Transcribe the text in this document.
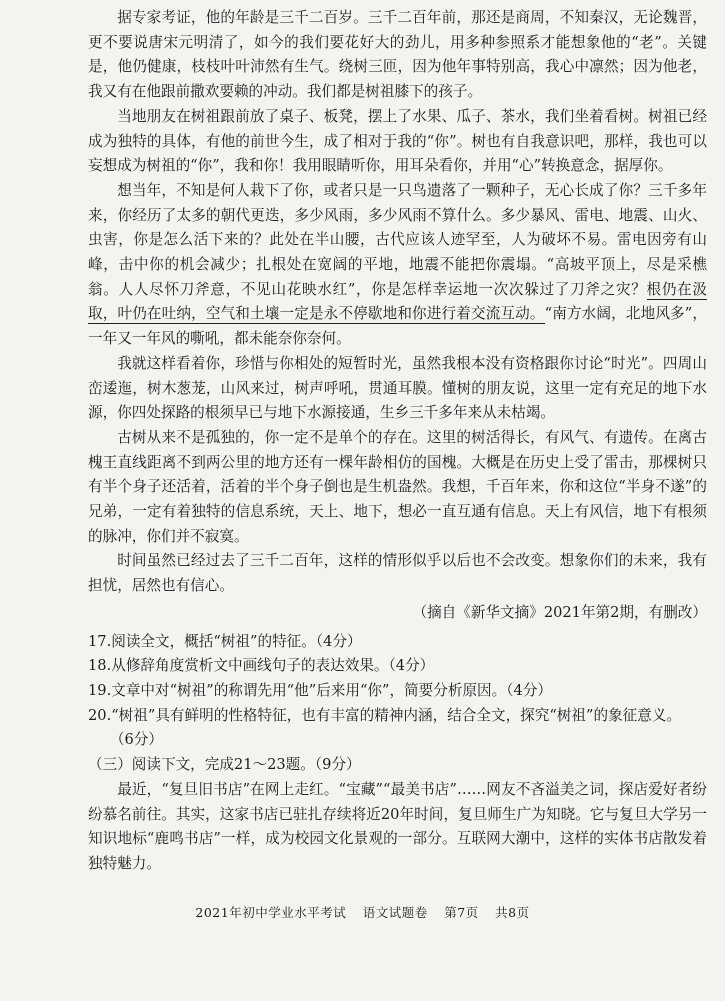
据专家考证，他的年龄是三千二百岁。三千二百年前，那还是商周，不知秦汉，无论魏晋，更不要说唐宋元明清了，如今的我们要花好大的劲儿，用多种参照系才能想象他的“老”。关键是，他仍健康，枝枝叶叶沛然有生气。绕树三匝，因为他年事特别高，我心中凛然；因为他老，我又有在他跟前撒欢要赖的冲动。我们都是树祖膝下的孩子。

当地朋友在树祖跟前放了桌子、板凳，摆上了水果、瓜子、茶水，我们坐着看树。树祖已经成为独特的具体，有他的前世今生，成了相对于我的“你”。树也有自我意识吧，那样，我也可以妄想成为树祖的“你”，我和你！我用眼睛听你，用耳朵看你，并用“心”转换意念，据厚你。

想当年，不知是何人栽下了你，或者只是一只鸟遗落了一颗种子，无心长成了你？三千多年来，你经历了太多的朝代更迭，多少风雨，多少风雨不算什么。多少暴风、雷电、地震、山火、虫害，你是怎么活下来的？此处在半山腰，古代应该人迹罕至，人为破坏不易。雷电因旁有山峰，击中你的机会减少；扎根处在宽阔的平地，地震不能把你震塌。“高坡平顶上，尽是采樵翁。人人尽怀刀斧意，不见山花映水红”，你是怎样幸运地一次次躲过了刀斧之灾？根仍在汲取，叶仍在吐纳，空气和土壤一定是永不停歇地和你进行着交流互动。“南方水阔，北地风多”，一年又一年风的嘶吼，都未能奈你奈何。

我就这样看着你，珍惜与你相处的短暂时光，虽然我根本没有资格跟你讨论“时光”。四周山峦逶迤，树木葱茏，山风来过，树声呼吼，贯通耳膜。懂树的朋友说，这里一定有充足的地下水源，你四处探路的根须早已与地下水源接通，生乡三千多年来从未枯竭。

古树从来不是孤独的，你一定不是单个的存在。这里的树活得长，有风气、有遗传。在离古槐王直线距离不到两公里的地方还有一棵年龄相仿的国槐。大概是在历史上受了雷击，那棵树只有半个身子还活着，活着的半个身子倒也是生机盎然。我想，千百年来，你和这位“半身不遂”的兄弟，一定有着独特的信息系统，天上、地下，想必一直互通有信息。天上有风信，地下有根须的脉冲，你们并不寂寞。

时间虽然已经过去了三千二百年，这样的情形似乎以后也不会改变。想象你们的未来，我有担忧，居然也有信心。

（摘自《新华文摘》2021年第2期，有删改）

17.阅读全文，概括“树祖”的特征。（4分）

18.从修辞角度赏析文中画线句子的表达效果。（4分）

19.文章中对“树祖”的称谓先用“他”后来用“你”，简要分析原因。（4分）

20.“树祖”具有鲜明的性格特征，也有丰富的精神内涵，结合全文，探究“树祖”的象征意义。

（6分）

（三）阅读下文，完成21～23题。（9分）

最近，“复旦旧书店”在网上走红。“宝藏”“最美书店”……网友不吝溢美之词，探店爱好者纷纷慕名前往。其实，这家书店已驻扎存续将近20年时间，复旦师生广为知晓。它与复旦大学另一知识地标“鹿鸣书店”一样，成为校园文化景观的一部分。互联网大潮中，这样的实体书店散发着独特魅力。

2021年初中学业水平考试 语文试题卷 第7页 共8页
